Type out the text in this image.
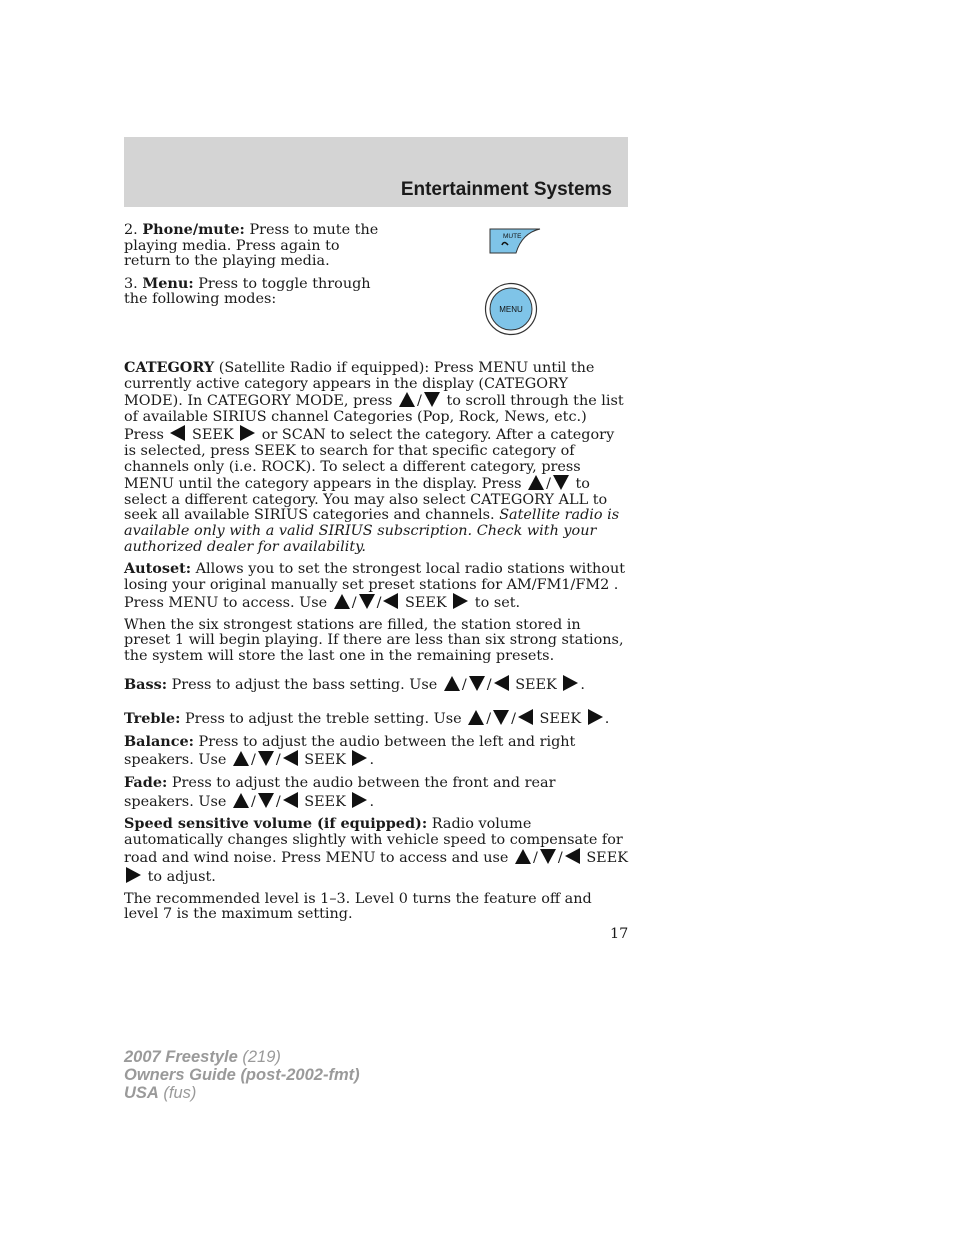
Entertainment Systems
MUTE
MENU

2. Phone/mute: Press to mute the playing media. Press again to return to the playing media.

3. Menu: Press to toggle through the following modes:

CATEGORY (Satellite Radio if equipped): Press MENU until the currently active category appears in the display (CATEGORY MODE). In CATEGORY MODE, press / to scroll through the list of available SIRIUS channel Categories (Pop, Rock, News, etc.) Press SEEK  or SCAN to select the category. After a category is selected, press SEEK to search for that specific category of channels only (i.e. ROCK). To select a different category, press MENU until the category appears in the display. Press / to select a different category. You may also select CATEGORY ALL to seek all available SIRIUS categories and channels. Satellite radio is available only with a valid SIRIUS subscription. Check with your authorized dealer for availability.

Autoset: Allows you to set the strongest local radio stations without losing your original manually set preset stations for AM/FM1/FM2 . Press MENU to access. Use / / SEEK  to set.

When the six strongest stations are filled, the station stored in preset 1 will begin playing. If there are less than six strong stations, the system will store the last one in the remaining presets.

Bass: Press to adjust the bass setting. Use / / SEEK .

Treble: Press to adjust the treble setting. Use / / SEEK .

Balance: Press to adjust the audio between the left and right speakers. Use / / SEEK .

Fade: Press to adjust the audio between the front and rear speakers. Use / / SEEK .

Speed sensitive volume (if equipped): Radio volume automatically changes slightly with vehicle speed to compensate for road and wind noise. Press MENU to access and use / / SEEK  to adjust.

The recommended level is 1–3. Level 0 turns the feature off and level 7 is the maximum setting.

17
2007 Freestyle (219)
Owners Guide (post-2002-fmt)
USA (fus)
